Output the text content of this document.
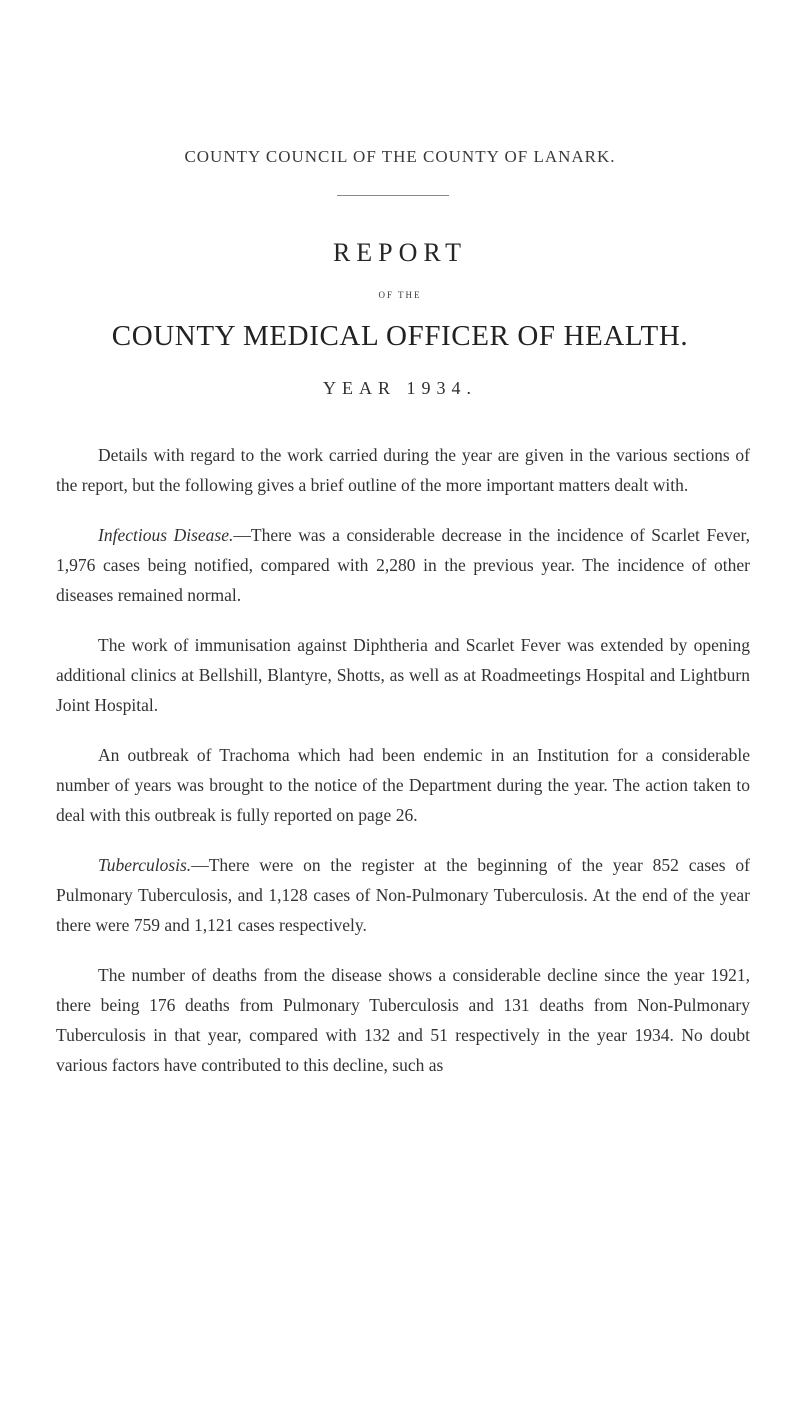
COUNTY COUNCIL OF THE COUNTY OF LANARK.
REPORT
OF THE
COUNTY MEDICAL OFFICER OF HEALTH.
YEAR 1934.

Details with regard to the work carried during the year are given in the various sections of the report, but the following gives a brief outline of the more important matters dealt with.

Infectious Disease.—There was a considerable decrease in the incidence of Scarlet Fever, 1,976 cases being notified, compared with 2,280 in the previous year. The incidence of other diseases remained normal.

The work of immunisation against Diphtheria and Scarlet Fever was extended by opening additional clinics at Bellshill, Blantyre, Shotts, as well as at Roadmeetings Hospital and Lightburn Joint Hospital.

An outbreak of Trachoma which had been endemic in an Institution for a considerable number of years was brought to the notice of the Department during the year. The action taken to deal with this outbreak is fully reported on page 26.

Tuberculosis.—There were on the register at the beginning of the year 852 cases of Pulmonary Tuberculosis, and 1,128 cases of Non-Pulmonary Tuberculosis. At the end of the year there were 759 and 1,121 cases respectively.

The number of deaths from the disease shows a considerable decline since the year 1921, there being 176 deaths from Pulmonary Tuberculosis and 131 deaths from Non-Pulmonary Tuberculosis in that year, compared with 132 and 51 respectively in the year 1934. No doubt various factors have contributed to this decline, such as
